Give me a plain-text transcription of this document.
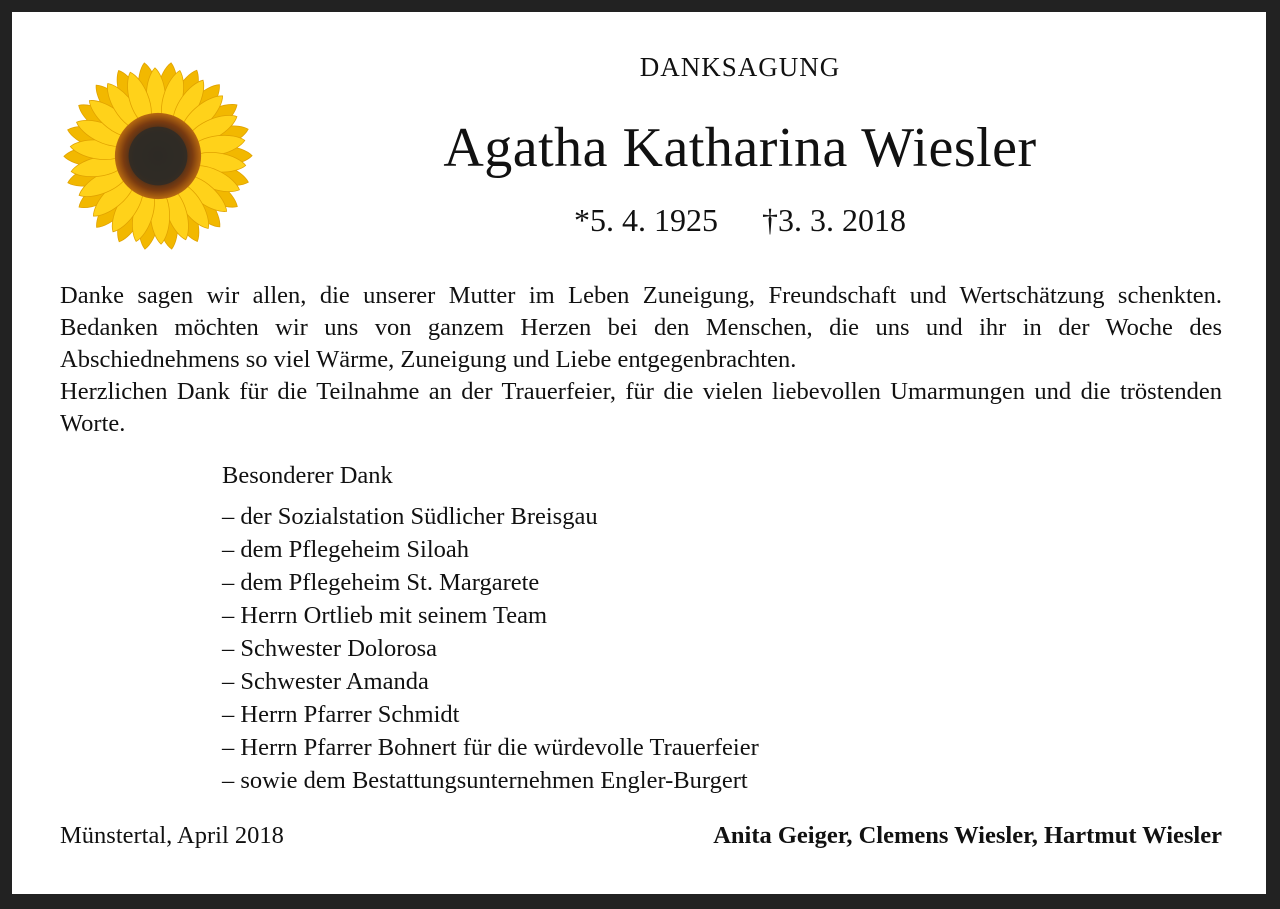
DANKSAGUNG
Agatha Katharina Wiesler
*5. 4. 1925 †3. 3. 2018

Danke sagen wir allen, die unserer Mutter im Leben Zuneigung, Freundschaft und Wertschätzung schenkten. Bedanken möchten wir uns von ganzem Herzen bei den Menschen, die uns und ihr in der Woche des Abschiednehmens so viel Wärme, Zuneigung und Liebe entgegenbrachten.

Herzlichen Dank für die Teilnahme an der Trauerfeier, für die vielen liebevollen Umarmungen und die tröstenden Worte.

Besonderer Dank
– der Sozialstation Südlicher Breisgau
– dem Pflegeheim Siloah
– dem Pflegeheim St. Margarete
– Herrn Ortlieb mit seinem Team
– Schwester Dolorosa
– Schwester Amanda
– Herrn Pfarrer Schmidt
– Herrn Pfarrer Bohnert für die würdevolle Trauerfeier
– sowie dem Bestattungsunternehmen Engler-Burgert
Münstertal, April 2018	Anita Geiger, Clemens Wiesler, Hartmut Wiesler
